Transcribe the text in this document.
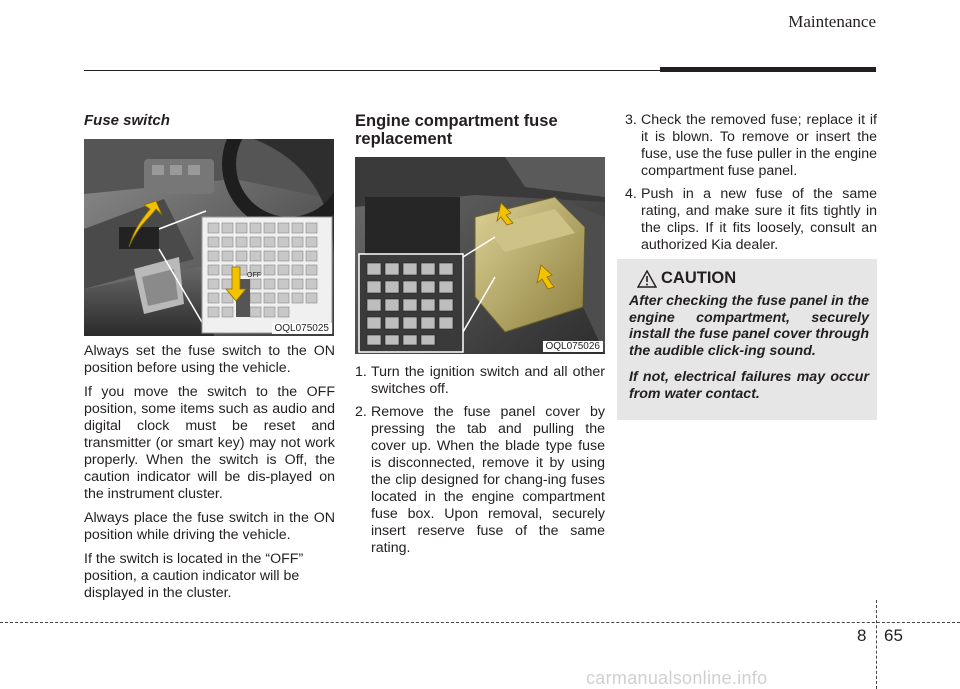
Maintenance
Fuse switch
OFF
OQL075025

Always set the fuse switch to the ON position before using the vehicle.

If you move the switch to the OFF position, some items such as audio and digital clock must be reset and transmitter (or smart key) may not work properly. When the switch is Off, the caution indicator will be dis-played on the instrument cluster.

Always place the fuse switch in the ON position while driving the vehicle.

If the switch is located in the “OFF” position, a caution indicator will be displayed in the cluster.

Engine compartment fuse replacement
OQL075026
1. Turn the ignition switch and all other switches off.
2. Remove the fuse panel cover by pressing the tab and pulling the cover up. When the blade type fuse is disconnected, remove it by using the clip designed for chang-ing fuses located in the engine compartment fuse box. Upon removal, securely insert reserve fuse of the same rating.
3. Check the removed fuse; replace it if it is blown. To remove or insert the fuse, use the fuse puller in the engine compartment fuse panel.
4. Push in a new fuse of the same rating, and make sure it fits tightly in the clips. If it fits loosely, consult an authorized Kia dealer.
CAUTION

After checking the fuse panel in the engine compartment, securely install the fuse panel cover through the audible click-ing sound.

If not, electrical failures may occur from water contact.

8 65
carmanualsonline.info
